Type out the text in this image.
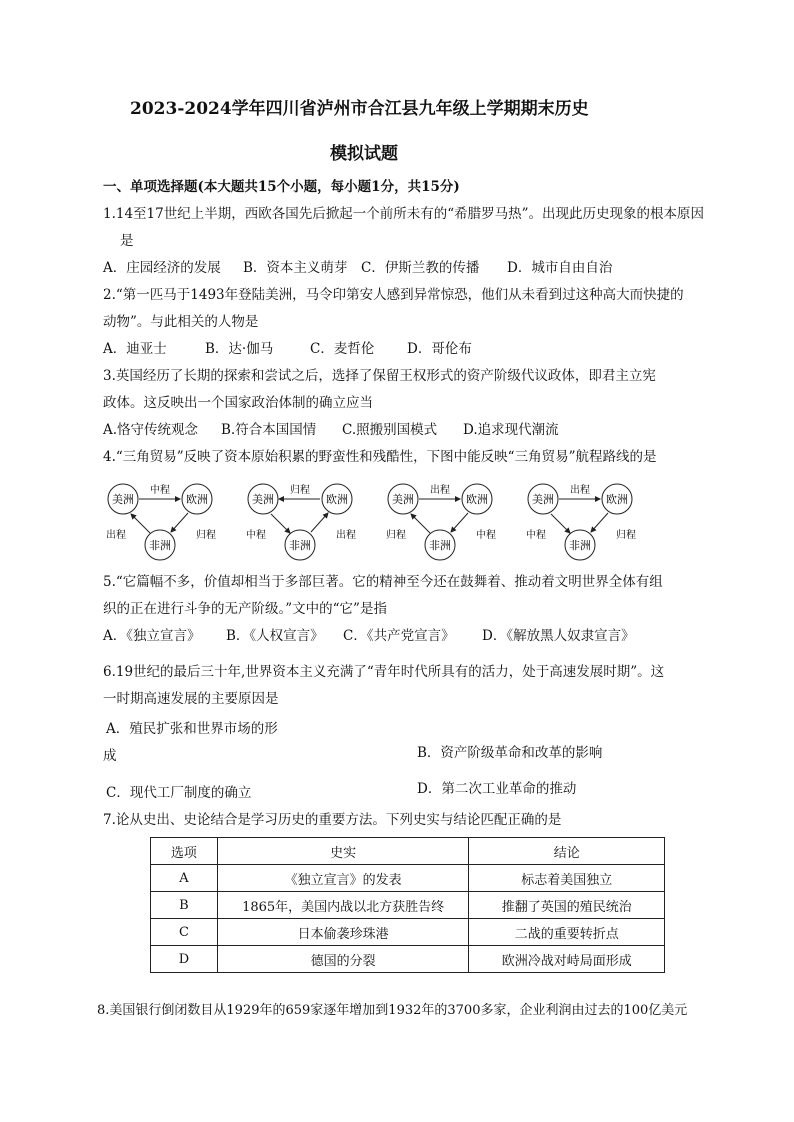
2023-2024学年四川省泸州市合江县九年级上学期期末历史
模拟试题
一、单项选择题(本大题共15个小题，每小题1分，共15分)
1.14至17世纪上半期，西欧各国先后掀起一个前所未有的“希腊罗马热”。出现此历史现象的根本原因
是
A．庄园经济的发展 B．资本主义萌芽 C．伊斯兰教的传播 D．城市自由自治
2.“第一匹马于1493年登陆美洲，马令印第安人感到异常惊恐，他们从未看到过这种高大而快捷的
动物”。与此相关的人物是
A．迪亚士	B．达·伽马	C．麦哲伦 D．哥伦布
3.英国经历了长期的探索和尝试之后，选择了保留王权形式的资产阶级代议政体，即君主立宪
政体。这反映出一个国家政治体制的确立应当
A.恪守传统观念 B.符合本国国情 C.照搬别国模式 D.追求现代潮流
4.“三角贸易”反映了资本原始积累的野蛮性和残酷性，下图中能反映“三角贸易”航程路线的是
美洲	欧洲
非洲
中程
出程	归程
美洲	欧洲
非洲
归程
中程	出程
美洲	欧洲
非洲
出程
归程	中程
美洲	欧洲
非洲
出程
中程	归程
5.“它篇幅不多，价值却相当于多部巨著。它的精神至今还在鼓舞着、推动着文明世界全体有组
织的正在进行斗争的无产阶级。”文中的“它”是指
A．《独立宣言》 B．《人权宣言》 C．《共产党宣言》 D．《解放黑人奴隶宣言》
6.19世纪的最后三十年,世界资本主义充满了“青年时代所具有的活力，处于高速发展时期”。这
一时期高速发展的主要原因是
A．殖民扩张和世界市场的形
成	B．资产阶级革命和改革的影响
C．现代工厂制度的确立	D．第二次工业革命的推动
7.论从史出、史论结合是学习历史的重要方法。下列史实与结论匹配正确的是
选项	史实	结论
A	《独立宣言》的发表	标志着美国独立
B	1865年，美国内战以北方获胜告终	推翻了英国的殖民统治
C	日本偷袭珍珠港	二战的重要转折点
D	德国的分裂	欧洲冷战对峙局面形成
8.美国银行倒闭数目从1929年的659家逐年增加到1932年的3700多家，企业利润由过去的100亿美元
